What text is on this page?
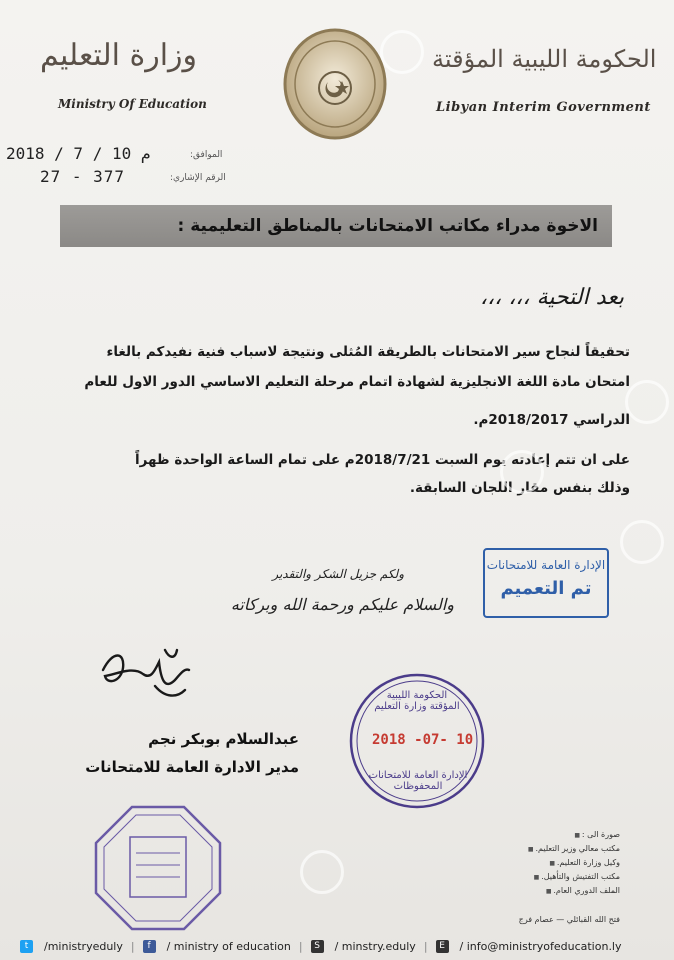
وزارة التعليم
Ministry Of Education
الحكومة الليبية المؤقتة
Libyan Interim Government
الموافق:
2018 / 7 / 10 م
الرقم الإشاري:
27 - 377
الاخوة مدراء مكاتب الامتحانات بالمناطق التعليمية :
بعد التحية ،،، ،،،
تحقيقاً لنجاح سير الامتحانات بالطريقة المُثلى ونتيجة لاسباب فنية نفيدكم بالغاء
امتحان مادة اللغة الانجليزية لشهادة اتمام مرحلة التعليم الاساسي الدور الاول للعام
الدراسي 2018/2017م.
على ان تتم إعادته يوم السبت 2018/7/21م على تمام الساعة الواحدة ظهراً
وذلك بنفس مقار اللجان السابقة.
ولكم جزيل الشكر والتقدير
والسلام عليكم ورحمة الله وبركاته
الإدارة العامة للامتحانات
تم التعميم
عبدالسلام بوبكر نجم
مدير الادارة العامة للامتحانات
الحكومة الليبية المؤقتة وزارة التعليم
2018 -07- 10
الإدارة العامة للامتحانات المحفوظات
صورة الى : ■
مكتب معالي وزير التعليم. ■
وكيل وزارة التعليم. ■
مكتب التفتيش والتأهيل. ■
الملف الدوري العام. ■
فتح الله القبائلي — عصام فرج
t	/ministryeduly |	f	/ ministry of education |	S	/ minstry.eduly |	E	/ info@ministryofeducation.ly
